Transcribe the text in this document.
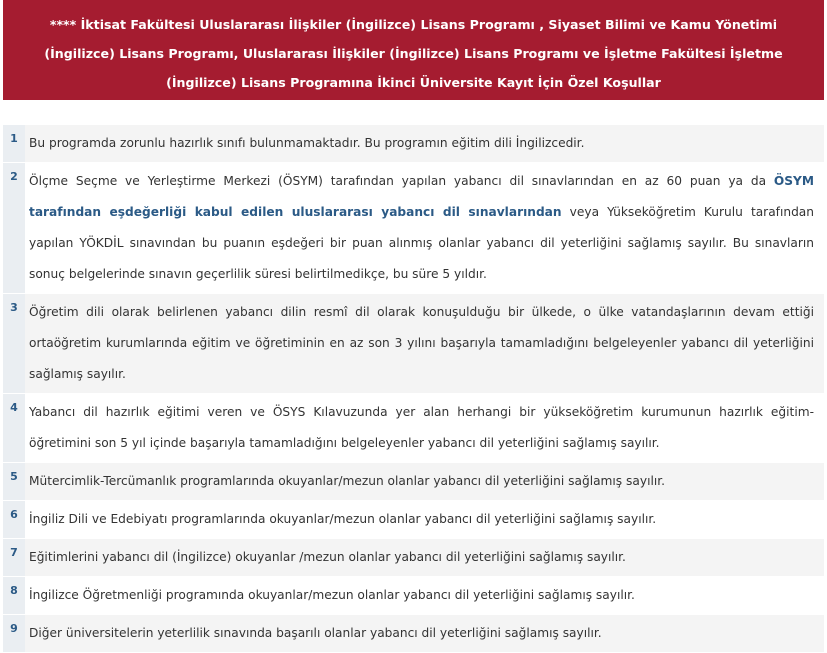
**** İktisat Fakültesi Uluslararası İlişkiler (İngilizce) Lisans Programı , Siyaset Bilimi ve Kamu Yönetimi (İngilizce) Lisans Programı, Uluslararası İlişkiler (İngilizce) Lisans Programı ve İşletme Fakültesi İşletme (İngilizce) Lisans Programına İkinci Üniversite Kayıt İçin Özel Koşullar
1 Bu programda zorunlu hazırlık sınıfı bulunmamaktadır. Bu programın eğitim dili İngilizcedir.
2 Ölçme Seçme ve Yerleştirme Merkezi (ÖSYM) tarafından yapılan yabancı dil sınavlarından en az 60 puan ya da ÖSYM tarafından eşdeğerliği kabul edilen uluslararası yabancı dil sınavlarından veya Yükseköğretim Kurulu tarafından yapılan YÖKDİL sınavından bu puanın eşdeğeri bir puan alınmış olanlar yabancı dil yeterliğini sağlamış sayılır. Bu sınavların sonuç belgelerinde sınavın geçerlilik süresi belirtilmedikçe, bu süre 5 yıldır.
3 Öğretim dili olarak belirlenen yabancı dilin resmî dil olarak konuşulduğu bir ülkede, o ülke vatandaşlarının devam ettiği ortaöğretim kurumlarında eğitim ve öğretiminin en az son 3 yılını başarıyla tamamladığını belgeleyenler yabancı dil yeterliğini sağlamış sayılır.
4 Yabancı dil hazırlık eğitimi veren ve ÖSYS Kılavuzunda yer alan herhangi bir yükseköğretim kurumunun hazırlık eğitim-öğretimini son 5 yıl içinde başarıyla tamamladığını belgeleyenler yabancı dil yeterliğini sağlamış sayılır.
5 Mütercimlik-Tercümanlık programlarında okuyanlar/mezun olanlar yabancı dil yeterliğini sağlamış sayılır.
6 İngiliz Dili ve Edebiyatı programlarında okuyanlar/mezun olanlar yabancı dil yeterliğini sağlamış sayılır.
7 Eğitimlerini yabancı dil (İngilizce) okuyanlar /mezun olanlar yabancı dil yeterliğini sağlamış sayılır.
8 İngilizce Öğretmenliği programında okuyanlar/mezun olanlar yabancı dil yeterliğini sağlamış sayılır.
9 Diğer üniversitelerin yeterlilik sınavında başarılı olanlar yabancı dil yeterliğini sağlamış sayılır.
